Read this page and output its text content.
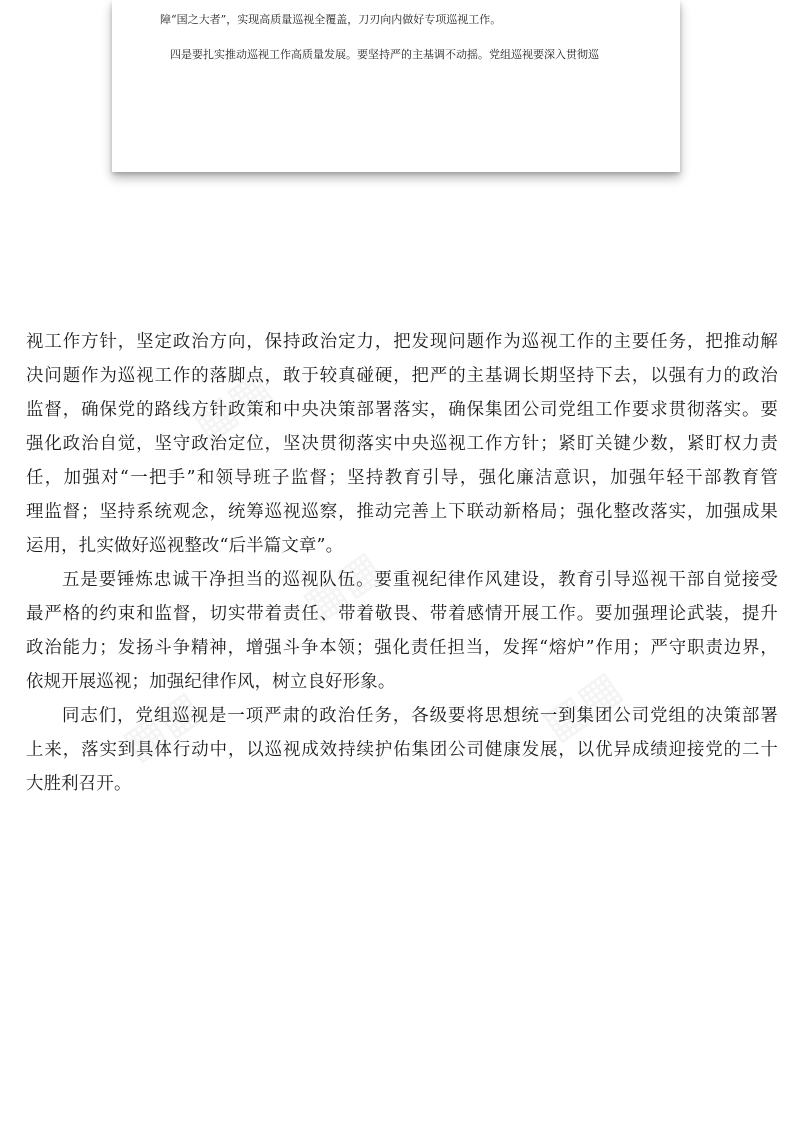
障“国之大者”，实现高质量巡视全覆盖，刀刃向内做好专项巡视工作。

四是要扎实推动巡视工作高质量发展。要坚持严的主基调不动摇。党组巡视要深入贯彻巡

▦▦
▦▦
▦▦
▦▦
视工作方针，坚定政治方向，保持政治定力，把发现问题作为巡视工作的主要任务，把推动解
决问题作为巡视工作的落脚点，敢于较真碰硬，把严的主基调长期坚持下去，以强有力的政治
监督，确保党的路线方针政策和中央决策部署落实，确保集团公司党组工作要求贯彻落实。要
强化政治自觉，坚守政治定位，坚决贯彻落实中央巡视工作方针；紧盯关键少数，紧盯权力责
任，加强对“一把手”和领导班子监督；坚持教育引导，强化廉洁意识，加强年轻干部教育管
理监督；坚持系统观念，统筹巡视巡察，推动完善上下联动新格局；强化整改落实，加强成果
运用，扎实做好巡视整改“后半篇文章”。
五是要锤炼忠诚干净担当的巡视队伍。要重视纪律作风建设，教育引导巡视干部自觉接受
最严格的约束和监督，切实带着责任、带着敬畏、带着感情开展工作。要加强理论武装，提升
政治能力；发扬斗争精神，增强斗争本领；强化责任担当，发挥“熔炉”作用；严守职责边界，
依规开展巡视；加强纪律作风，树立良好形象。
同志们，党组巡视是一项严肃的政治任务，各级要将思想统一到集团公司党组的决策部署
上来，落实到具体行动中，以巡视成效持续护佑集团公司健康发展，以优异成绩迎接党的二十
大胜利召开。
